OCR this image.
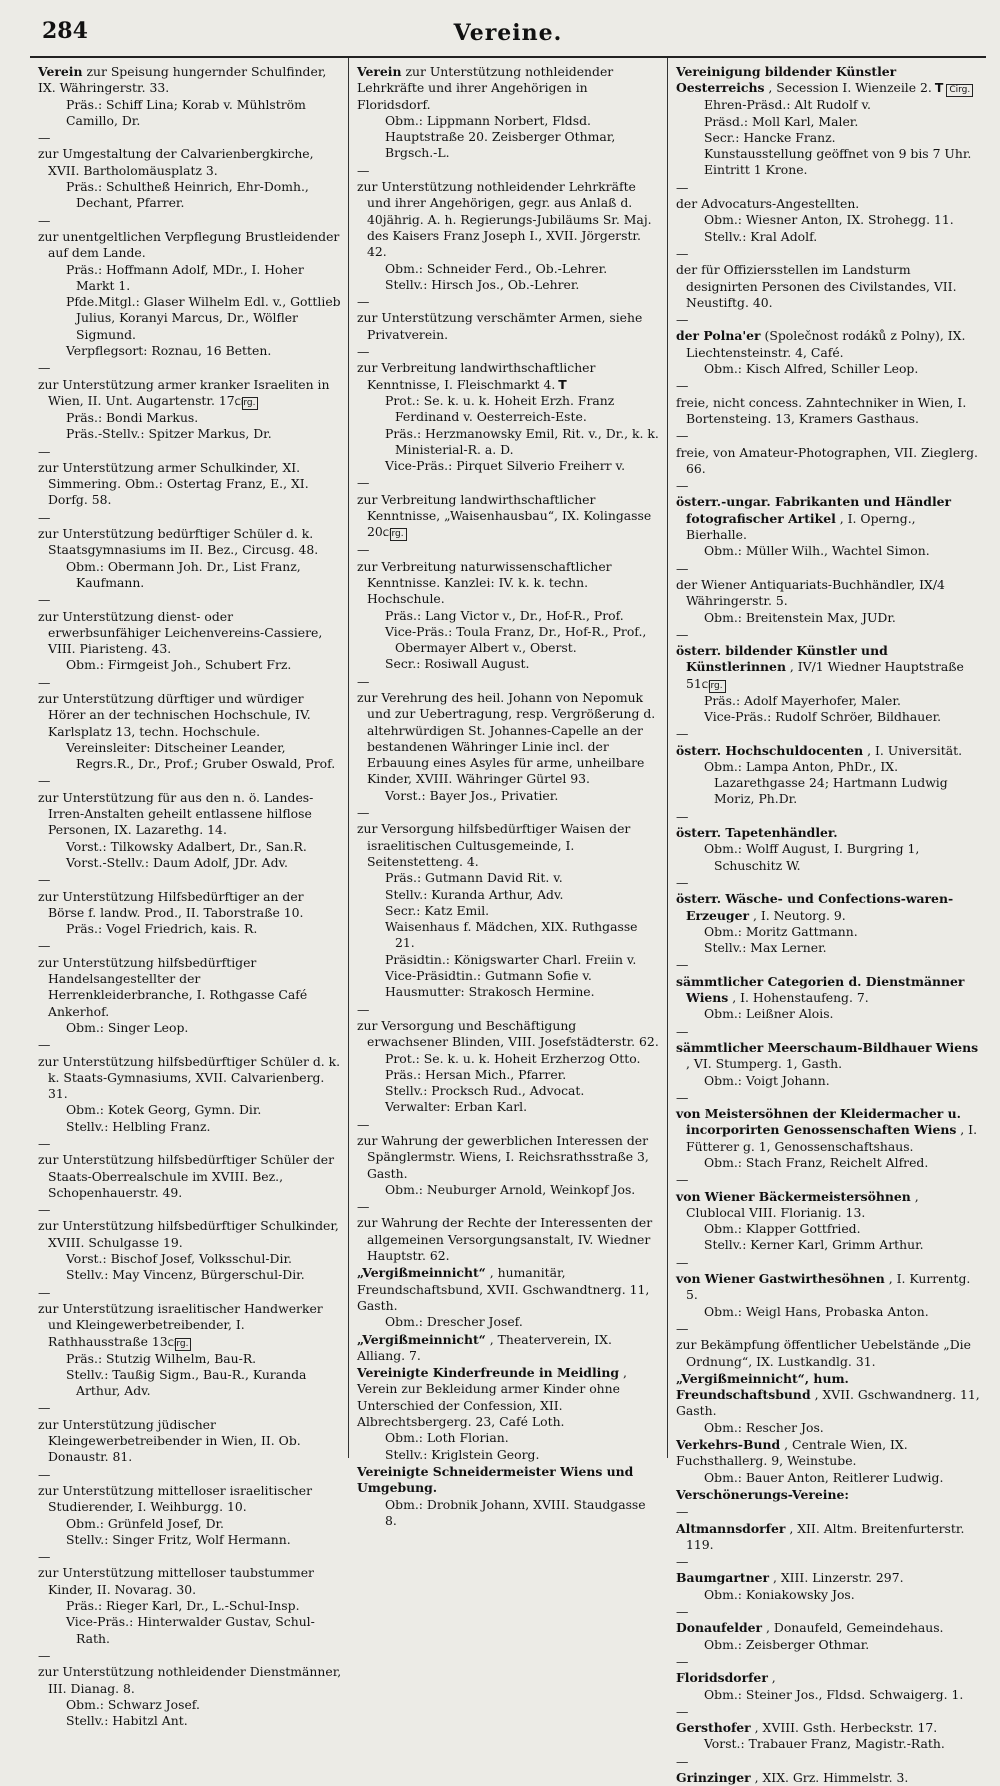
284	Vereine.
Verein zur Speisung hungernder Schulfinder, IX. Währingerstr. 33.
Präs.: Schiff Lina; Korab v. Mühlström Camillo, Dr.
— zur Umgestaltung der Calvarienbergkirche, XVII. Bartholomäusplatz 3.
Präs.: Schultheß Heinrich, Ehr-Domh., Dechant, Pfarrer.
— zur unentgeltlichen Verpflegung Brustleidender auf dem Lande.
Präs.: Hoffmann Adolf, MDr., I. Hoher Markt 1.
Pfde.Mitgl.: Glaser Wilhelm Edl. v., Gottlieb Julius, Koranyi Marcus, Dr., Wölfler Sigmund.
Verpflegsort: Roznau, 16 Betten.
— zur Unterstützung armer kranker Israeliten in Wien, II. Unt. Augartenstr. 17.Cirg.
Präs.: Bondi Markus.
Präs.-Stellv.: Spitzer Markus, Dr.
— zur Unterstützung armer Schulkinder, XI. Simmering. Obm.: Ostertag Franz, E., XI. Dorfg. 58.
— zur Unterstützung bedürftiger Schüler d. k. Staatsgymnasiums im II. Bez., Circusg. 48.
Obm.: Obermann Joh. Dr., List Franz, Kaufmann.
— zur Unterstützung dienst- oder erwerbsunfähiger Leichenvereins-Cassiere, VIII. Piaristeng. 43.
Obm.: Firmgeist Joh., Schubert Frz.
— zur Unterstützung dürftiger und würdiger Hörer an der technischen Hochschule, IV. Karlsplatz 13, techn. Hochschule.
Vereinsleiter: Ditscheiner Leander, Regrs.R., Dr., Prof.; Gruber Oswald, Prof.
— zur Unterstützung für aus den n. ö. Landes-Irren-Anstalten geheilt entlassene hilflose Personen, IX. Lazarethg. 14.
Vorst.: Tilkowsky Adalbert, Dr., San.R.
Vorst.-Stellv.: Daum Adolf, JDr. Adv.
— zur Unterstützung Hilfsbedürftiger an der Börse f. landw. Prod., II. Taborstraße 10.
Präs.: Vogel Friedrich, kais. R.
— zur Unterstützung hilfsbedürftiger Handelsangestellter der Herrenkleiderbranche, I. Rothgasse Café Ankerhof.
Obm.: Singer Leop.
— zur Unterstützung hilfsbedürftiger Schüler d. k. k. Staats-Gymnasiums, XVII. Calvarienberg. 31.
Obm.: Kotek Georg, Gymn. Dir.
Stellv.: Helbling Franz.
— zur Unterstützung hilfsbedürftiger Schüler der Staats-Oberrealschule im XVIII. Bez., Schopenhauerstr. 49.
— zur Unterstützung hilfsbedürftiger Schulkinder, XVIII. Schulgasse 19.
Vorst.: Bischof Josef, Volksschul-Dir.
Stellv.: May Vincenz, Bürgerschul-Dir.
— zur Unterstützung israelitischer Handwerker und Kleingewerbetreibender, I. Rathhausstraße 13.Cirg.
Präs.: Stutzig Wilhelm, Bau-R.
Stellv.: Taußig Sigm., Bau-R., Kuranda Arthur, Adv.
— zur Unterstützung jüdischer Kleingewerbetreibender in Wien, II. Ob. Donaustr. 81.
— zur Unterstützung mittelloser israelitischer Studierender, I. Weihburgg. 10.
Obm.: Grünfeld Josef, Dr.
Stellv.: Singer Fritz, Wolf Hermann.
— zur Unterstützung mittelloser taubstummer Kinder, II. Novarag. 30.
Präs.: Rieger Karl, Dr., L.-Schul-Insp.
Vice-Präs.: Hinterwalder Gustav, Schul-Rath.
— zur Unterstützung nothleidender Dienstmänner, III. Dianag. 8.
Obm.: Schwarz Josef.
Stellv.: Habitzl Ant.
Verein zur Unterstützung nothleidender Lehrkräfte und ihrer Angehörigen in Floridsdorf.
Obm.: Lippmann Norbert, Fldsd. Hauptstraße 20. Zeisberger Othmar, Brgsch.-L.
— zur Unterstützung nothleidender Lehrkräfte und ihrer Angehörigen, gegr. aus Anlaß d. 40jährig. A. h. Regierungs-Jubiläums Sr. Maj. des Kaisers Franz Joseph I., XVII. Jörgerstr. 42.
Obm.: Schneider Ferd., Ob.-Lehrer.
Stellv.: Hirsch Jos., Ob.-Lehrer.
— zur Unterstützung verschämter Armen, siehe Privatverein.
— zur Verbreitung landwirthschaftlicher Kenntnisse, I. Fleischmarkt 4. T
Prot.: Se. k. u. k. Hoheit Erzh. Franz Ferdinand v. Oesterreich-Este.
Präs.: Herzmanowsky Emil, Rit. v., Dr., k. k. Ministerial-R. a. D.
Vice-Präs.: Pirquet Silverio Freiherr v.
— zur Verbreitung landwirthschaftlicher Kenntnisse, „Waisenhausbau“, IX. Kolingasse 20.Cirg.
— zur Verbreitung naturwissenschaftlicher Kenntnisse. Kanzlei: IV. k. k. techn. Hochschule.
Präs.: Lang Victor v., Dr., Hof-R., Prof.
Vice-Präs.: Toula Franz, Dr., Hof-R., Prof., Obermayer Albert v., Oberst.
Secr.: Rosiwall August.
— zur Verehrung des heil. Johann von Nepomuk und zur Uebertragung, resp. Vergrößerung d. altehrwürdigen St. Johannes-Capelle an der bestandenen Währinger Linie incl. der Erbauung eines Asyles für arme, unheilbare Kinder, XVIII. Währinger Gürtel 93.
Vorst.: Bayer Jos., Privatier.
— zur Versorgung hilfsbedürftiger Waisen der israelitischen Cultusgemeinde, I. Seitenstetteng. 4.
Präs.: Gutmann David Rit. v.
Stellv.: Kuranda Arthur, Adv.
Secr.: Katz Emil.
Waisenhaus f. Mädchen, XIX. Ruthgasse 21.
Präsidtin.: Königswarter Charl. Freiin v.
Vice-Präsidtin.: Gutmann Sofie v.
Hausmutter: Strakosch Hermine.
— zur Versorgung und Beschäftigung erwachsener Blinden, VIII. Josefstädterstr. 62.
Prot.: Se. k. u. k. Hoheit Erzherzog Otto.
Präs.: Hersan Mich., Pfarrer.
Stellv.: Procksch Rud., Advocat.
Verwalter: Erban Karl.
— zur Wahrung der gewerblichen Interessen der Spänglermstr. Wiens, I. Reichsrathsstraße 3, Gasth.
Obm.: Neuburger Arnold, Weinkopf Jos.
— zur Wahrung der Rechte der Interessenten der allgemeinen Versorgungsanstalt, IV. Wiedner Hauptstr. 62.
„Vergißmeinnicht“ , humanitär, Freundschaftsbund, XVII. Gschwandtnerg. 11, Gasth.
Obm.: Drescher Josef.
„Vergißmeinnicht“ , Theaterverein, IX. Alliang. 7.
Vereinigte Kinderfreunde in Meidling , Verein zur Bekleidung armer Kinder ohne Unterschied der Confession, XII. Albrechtsbergerg. 23, Café Loth.
Obm.: Loth Florian.
Stellv.: Kriglstein Georg.
Vereinigte Schneidermeister Wiens und Umgebung.
Obm.: Drobnik Johann, XVIII. Staudgasse 8.
Vereinigung bildender Künstler Oesterreichs , Secession I. Wienzeile 2. T Cirg.
Ehren-Präsd.: Alt Rudolf v.
Präsd.: Moll Karl, Maler.
Secr.: Hancke Franz.
Kunstausstellung geöffnet von 9 bis 7 Uhr. Eintritt 1 Krone.
— der Advocaturs-Angestellten.
Obm.: Wiesner Anton, IX. Strohegg. 11.
Stellv.: Kral Adolf.
— der für Offiziersstellen im Landsturm designirten Personen des Civilstandes, VII. Neustiftg. 40.
— der Polna'er (Společnost rodáků z Polny), IX. Liechtensteinstr. 4, Café.
Obm.: Kisch Alfred, Schiller Leop.
— freie, nicht concess. Zahntechniker in Wien, I. Bortensteing. 13, Kramers Gasthaus.
— freie, von Amateur-Photographen, VII. Zieglerg. 66.
— österr.-ungar. Fabrikanten und Händler fotografischer Artikel , I. Operng., Bierhalle.
Obm.: Müller Wilh., Wachtel Simon.
— der Wiener Antiquariats-Buchhändler, IX/4 Währingerstr. 5.
Obm.: Breitenstein Max, JUDr.
— österr. bildender Künstler und Künstlerinnen , IV/1 Wiedner Hauptstraße 51.Cirg.
Präs.: Adolf Mayerhofer, Maler.
Vice-Präs.: Rudolf Schröer, Bildhauer.
— österr. Hochschuldocenten , I. Universität.
Obm.: Lampa Anton, PhDr., IX. Lazarethgasse 24; Hartmann Ludwig Moriz, Ph.Dr.
— österr. Tapetenhändler.
Obm.: Wolff August, I. Burgring 1, Schuschitz W.
— österr. Wäsche- und Confections-waren-Erzeuger , I. Neutorg. 9.
Obm.: Moritz Gattmann.
Stellv.: Max Lerner.
— sämmtlicher Categorien d. Dienstmänner Wiens , I. Hohenstaufeng. 7.
Obm.: Leißner Alois.
— sämmtlicher Meerschaum-Bildhauer Wiens , VI. Stumperg. 1, Gasth.
Obm.: Voigt Johann.
— von Meistersöhnen der Kleidermacher u. incorporirten Genossenschaften Wiens , I. Fütterer g. 1, Genossenschaftshaus.
Obm.: Stach Franz, Reichelt Alfred.
— von Wiener Bäckermeistersöhnen , Clublocal VIII. Florianig. 13.
Obm.: Klapper Gottfried.
Stellv.: Kerner Karl, Grimm Arthur.
— von Wiener Gastwirthesöhnen , I. Kurrentg. 5.
Obm.: Weigl Hans, Probaska Anton.
— zur Bekämpfung öffentlicher Uebelstände „Die Ordnung“, IX. Lustkandlg. 31.
„Vergißmeinnicht“, hum. Freundschaftsbund , XVII. Gschwandnerg. 11, Gasth.
Obm.: Rescher Jos.
Verkehrs-Bund , Centrale Wien, IX. Fuchsthallerg. 9, Weinstube.
Obm.: Bauer Anton, Reitlerer Ludwig.
Verschönerungs-Vereine:
— Altmannsdorfer , XII. Altm. Breitenfurterstr. 119.
— Baumgartner , XIII. Linzerstr. 297.
Obm.: Koniakowsky Jos.
— Donaufelder , Donaufeld, Gemeindehaus.
Obm.: Zeisberger Othmar.
— Floridsdorfer ,
Obm.: Steiner Jos., Fldsd. Schwaigerg. 1.
— Gersthofer , XVIII. Gsth. Herbeckstr. 17.
Vorst.: Trabauer Franz, Magistr.-Rath.
— Grinzinger , XIX. Grz. Himmelstr. 3.
